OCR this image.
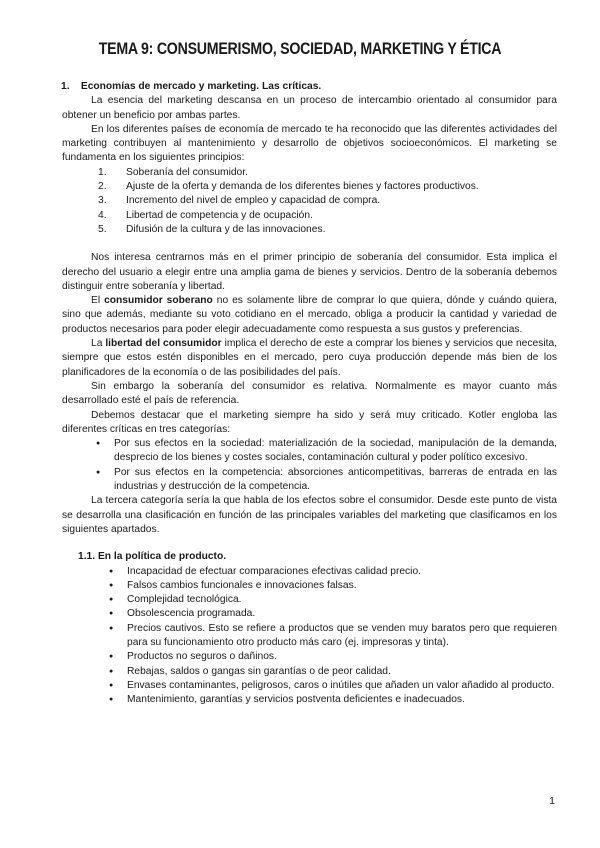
TEMA 9: CONSUMERISMO, SOCIEDAD, MARKETING Y ÉTICA
1. Economías de mercado y marketing. Las críticas.

La esencia del marketing descansa en un proceso de intercambio orientado al consumidor para obtener un beneficio por ambas partes.

En los diferentes países de economía de mercado te ha reconocido que las diferentes actividades del marketing contribuyen al mantenimiento y desarrollo de objetivos socioeconómicos. El marketing se fundamenta en los siguientes principios:

1. Soberanía del consumidor.
2. Ajuste de la oferta y demanda de los diferentes bienes y factores productivos.
3. Incremento del nivel de empleo y capacidad de compra.
4. Libertad de competencia y de ocupación.
5. Difusión de la cultura y de las innovaciones.

Nos interesa centrarnos más en el primer principio de soberanía del consumidor. Esta implica el derecho del usuario a elegir entre una amplia gama de bienes y servicios. Dentro de la soberanía debemos distinguir entre soberanía y libertad.

El consumidor soberano no es solamente libre de comprar lo que quiera, dónde y cuándo quiera, sino que además, mediante su voto cotidiano en el mercado, obliga a producir la cantidad y variedad de productos necesarios para poder elegir adecuadamente como respuesta a sus gustos y preferencias.

La libertad del consumidor implica el derecho de este a comprar los bienes y servicios que necesita, siempre que estos estén disponibles en el mercado, pero cuya producción depende más bien de los planificadores de la economía o de las posibilidades del país.

Sin embargo la soberanía del consumidor es relativa. Normalmente es mayor cuanto más desarrollado esté el país de referencia.

Debemos destacar que el marketing siempre ha sido y será muy criticado. Kotler engloba las diferentes críticas en tres categorías:

● Por sus efectos en la sociedad: materialización de la sociedad, manipulación de la demanda, desprecio de los bienes y costes sociales, contaminación cultural y poder político excesivo.
● Por sus efectos en la competencia: absorciones anticompetitivas, barreras de entrada en las industrias y destrucción de la competencia.

La tercera categoría sería la que habla de los efectos sobre el consumidor. Desde este punto de vista se desarrolla una clasificación en función de las principales variables del marketing que clasificamos en los siguientes apartados.

1.1. En la política de producto.
● Incapacidad de efectuar comparaciones efectivas calidad precio.
● Falsos cambios funcionales e innovaciones falsas.
● Complejidad tecnológica.
● Obsolescencia programada.
● Precios cautivos. Esto se refiere a productos que se venden muy baratos pero que requieren para su funcionamiento otro producto más caro (ej. impresoras y tinta).
● Productos no seguros o dañinos.
● Rebajas, saldos o gangas sin garantías o de peor calidad.
● Envases contaminantes, peligrosos, caros o inútiles que añaden un valor añadido al producto.
● Mantenimiento, garantías y servicios postventa deficientes e inadecuados.
1
